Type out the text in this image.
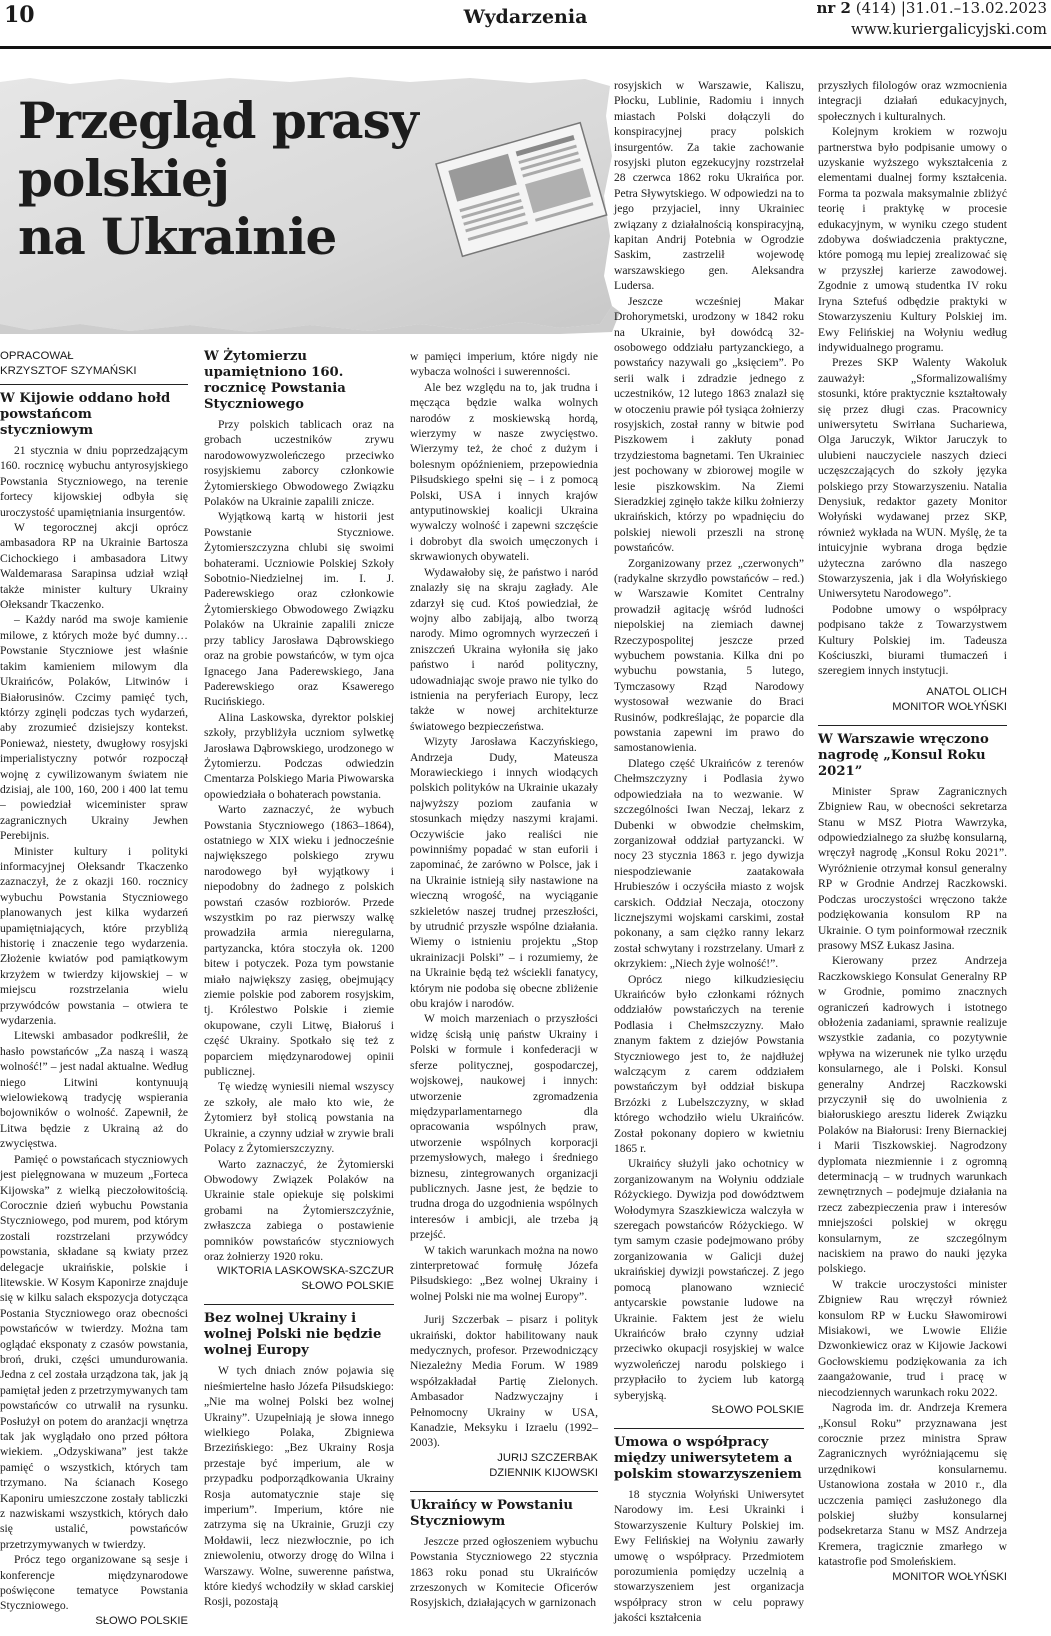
10	Wydarzenia	nr 2 (414) |31.01.–13.02.2023
www.kuriergalicyjski.com
Przegląd prasy
polskiej
na Ukrainie
OPRACOWAŁ
KRZYSZTOF SZYMAŃSKI
W Kijowie oddano hołd powstańcom styczniowym

21 stycznia w dniu poprzedzającym 160. rocznicę wybuchu antyrosyjskiego Powstania Styczniowego, na terenie fortecy kijowskiej odbyła się uroczystość upamiętniania insurgentów.

W tegorocznej akcji oprócz ambasadora RP na Ukrainie Bartosza Cichockiego i ambasadora Litwy Waldemarasa Sarapinsa udział wziął także minister kultury Ukrainy Ołeksandr Tkaczenko.

– Każdy naród ma swoje kamienie milowe, z których może być dumny… Powstanie Styczniowe jest właśnie takim kamieniem milowym dla Ukraińców, Polaków, Litwinów i Białorusinów. Czcimy pamięć tych, którzy zginęli podczas tych wydarzeń, aby zrozumieć dzisiejszy kontekst. Ponieważ, niestety, dwugłowy rosyjski imperialistyczny potwór rozpoczął wojnę z cywilizowanym światem nie dzisiaj, ale 100, 160, 200 i 400 lat temu – powiedział wiceminister spraw zagranicznych Ukrainy Jewhen Perebijnis.

Minister kultury i polityki informacyjnej Ołeksandr Tkaczenko zaznaczył, że z okazji 160. rocznicy wybuchu Powstania Styczniowego planowanych jest kilka wydarzeń upamiętniających, które przybliżą historię i znaczenie tego wydarzenia. Złożenie kwiatów pod pamiątkowym krzyżem w twierdzy kijowskiej – w miejscu rozstrzelania wielu przywódców powstania – otwiera te wydarzenia.

Litewski ambasador podkreślił, że hasło powstańców „Za naszą i waszą wolność!” – jest nadal aktualne. Według niego Litwini kontynuują wielowiekową tradycję wspierania bojowników o wolność. Zapewnił, że Litwa będzie z Ukrainą aż do zwycięstwa.

Pamięć o powstańcach styczniowych jest pielęgnowana w muzeum „Forteca Kijowska” z wielką pieczołowitością. Corocznie dzień wybuchu Powstania Styczniowego, pod murem, pod którym zostali rozstrzelani przywódcy powstania, składane są kwiaty przez delegacje ukraińskie, polskie i litewskie. W Kosym Kaponirze znajduje się w kilku salach ekspozycja dotycząca Postania Styczniowego oraz obecności powstańców w twierdzy. Można tam oglądać eksponaty z czasów powstania, broń, druki, części umundurowania. Jedna z cel została urządzona tak, jak ją pamiętał jeden z przetrzymywanych tam powstańców co utrwalił na rysunku. Posłużył on potem do aranżacji wnętrza tak jak wyglądało ono przed półtora wiekiem. „Odzyskiwana” jest także pamięć o wszystkich, których tam trzymano. Na ścianach Kosego Kaponiru umieszczone zostały tabliczki z nazwiskami wszystkich, których dało się ustalić, powstańców przetrzymywanych w twierdzy.

Prócz tego organizowane są sesje i konferencje międzynarodowe poświęcone tematyce Powstania Styczniowego.

SŁOWO POLSKIE
W Żytomierzu upamiętniono 160. rocznicę Powstania Styczniowego

Przy polskich tablicach oraz na grobach uczestników zrywu narodowowyzwoleńczego przeciwko rosyjskiemu zaborcy członkowie Żytomierskiego Obwodowego Związku Polaków na Ukrainie zapalili znicze.

Wyjątkową kartą w historii jest Powstanie Styczniowe. Żytomierszczyzna chlubi się swoimi bohaterami. Uczniowie Polskiej Szkoły Sobotnio-Niedzielnej im. I. J. Paderewskiego oraz członkowie Żytomierskiego Obwodowego Związku Polaków na Ukrainie zapalili znicze przy tablicy Jarosława Dąbrowskiego oraz na grobie powstańców, w tym ojca Ignacego Jana Paderewskiego, Jana Paderewskiego oraz Ksawerego Rucińskiego.

Alina Laskowska, dyrektor polskiej szkoły, przybliżyła uczniom sylwetkę Jarosława Dąbrowskiego, urodzonego w Żytomierzu. Podczas odwiedzin Cmentarza Polskiego Maria Piwowarska opowiedziała o bohaterach powstania.

Warto zaznaczyć, że wybuch Powstania Styczniowego (1863–1864), ostatniego w XIX wieku i jednocześnie największego polskiego zrywu narodowego był wyjątkowy i niepodobny do żadnego z polskich powstań czasów rozbiorów. Przede wszystkim po raz pierwszy walkę prowadziła armia nieregularna, partyzancka, która stoczyła ok. 1200 bitew i potyczek. Poza tym powstanie miało największy zasięg, obejmujący ziemie polskie pod zaborem rosyjskim, tj. Królestwo Polskie i ziemie okupowane, czyli Litwę, Białoruś i część Ukrainy. Spotkało się też z poparciem międzynarodowej opinii publicznej.

Tę wiedzę wyniesili niemal wszyscy ze szkoły, ale mało kto wie, że Żytomierz był stolicą powstania na Ukrainie, a czynny udział w zrywie brali Polacy z Żytomierszczyzny.

Warto zaznaczyć, że Żytomierski Obwodowy Związek Polaków na Ukrainie stale opiekuje się polskimi grobami na Żytomierszczyźnie, zwłaszcza zabiega o postawienie pomników powstańców styczniowych oraz żołnierzy 1920 roku.

WIKTORIA LASKOWSKA-SZCZUR
SŁOWO POLSKIE
Bez wolnej Ukrainy i wolnej Polski nie będzie wolnej Europy

W tych dniach znów pojawia się nieśmiertelne hasło Józefa Piłsudskiego: „Nie ma wolnej Polski bez wolnej Ukrainy”. Uzupełniają je słowa innego wielkiego Polaka, Zbigniewa Brzezińskiego: „Bez Ukrainy Rosja przestaje być imperium, ale w przypadku podporządkowania Ukrainy Rosja automatycznie staje się imperium”. Imperium, które nie zatrzyma się na Ukrainie, Gruzji czy Mołdawii, lecz niezwłocznie, po ich zniewoleniu, otworzy drogę do Wilna i Warszawy. Wolne, suwerenne państwa, które kiedyś wchodziły w skład carskiej Rosji, pozostają

w pamięci imperium, które nigdy nie wybacza wolności i suwerenności.

Ale bez względu na to, jak trudna i męcząca będzie walka wolnych narodów z moskiewską hordą, wierzymy w nasze zwycięstwo. Wierzymy też, że choć z dużym i bolesnym opóźnieniem, przepowiednia Piłsudskiego spełni się – i z pomocą Polski, USA i innych krajów antyputinowskiej koalicji Ukraina wywalczy wolność i zapewni szczęście i dobrobyt dla swoich umęczonych i skrwawionych obywateli.

Wydawałoby się, że państwo i naród znalazły się na skraju zagłady. Ale zdarzył się cud. Ktoś powiedział, że wojny albo zabijają, albo tworzą narody. Mimo ogromnych wyrzeczeń i zniszczeń Ukraina wyłoniła się jako państwo i naród polityczny, udowadniając swoje prawo nie tylko do istnienia na peryferiach Europy, lecz także w nowej architekturze światowego bezpieczeństwa.

Wizyty Jarosława Kaczyńskiego, Andrzeja Dudy, Mateusza Morawieckiego i innych wiodących polskich polityków na Ukrainie ukazały najwyższy poziom zaufania w stosunkach między naszymi krajami. Oczywiście jako realiści nie powinniśmy popadać w stan euforii i zapominać, że zarówno w Polsce, jak i na Ukrainie istnieją siły nastawione na wieczną wrogość, na wyciąganie szkieletów naszej trudnej przeszłości, by utrudnić przyszłe wspólne działania. Wiemy o istnieniu projektu „Stop ukrainizacji Polski” – i rozumiemy, że na Ukrainie będą też wściekli fanatycy, którym nie podoba się obecne zbliżenie obu krajów i narodów.

W moich marzeniach o przyszłości widzę ścisłą unię państw Ukrainy i Polski w formule i konfederacji w sferze politycznej, gospodarczej, wojskowej, naukowej i innych: utworzenie zgromadzenia międzyparlamentarnego dla opracowania wspólnych praw, utworzenie wspólnych korporacji przemysłowych, małego i średniego biznesu, zintegrowanych organizacji publicznych. Jasne jest, że będzie to trudna droga do uzgodnienia wspólnych interesów i ambicji, ale trzeba ją przejść.

W takich warunkach można na nowo zinterpretować formułę Józefa Piłsudskiego: „Bez wolnej Ukrainy i wolnej Polski nie ma wolnej Europy”.

Jurij Szczerbak – pisarz i polityk ukraiński, doktor habilitowany nauk medycznych, profesor. Przewodniczący Niezależny Media Forum. W 1989 współzakładał Partię Zielonych. Ambasador Nadzwyczajny i Pełnomocny Ukrainy w USA, Kanadzie, Meksyku i Izraelu (1992–2003).

JURIJ SZCZERBAK
DZIENNIK KIJOWSKI
Ukraińcy w Powstaniu Styczniowym

Jeszcze przed ogłoszeniem wybuchu Powstania Styczniowego 22 stycznia 1863 roku ponad stu Ukraińców zrzeszonych w Komitecie Oficerów Rosyjskich, działających w garnizonach

rosyjskich w Warszawie, Kaliszu, Płocku, Lublinie, Radomiu i innych miastach Polski dołączyli do konspiracyjnej pracy polskich insurgentów. Za takie zachowanie rosyjski pluton egzekucyjny rozstrzelał 28 czerwca 1862 roku Ukraińca por. Petra Sływytskiego. W odpowiedzi na to jego przyjaciel, inny Ukrainiec związany z działalnością konspiracyjną, kapitan Andrij Potebnia w Ogrodzie Saskim, zastrzelił wojewodę warszawskiego gen. Aleksandra Ludersa.

Jeszcze wcześniej Makar Drohorymetski, urodzony w 1842 roku na Ukrainie, był dowódcą 32-osobowego oddziału partyzanckiego, a powstańcy nazywali go „księciem”. Po serii walk i zdradzie jednego z uczestników, 12 lutego 1863 znalazł się w otoczeniu prawie pół tysiąca żołnierzy rosyjskich, został ranny w bitwie pod Piszkowem i zakłuty ponad trzydziestoma bagnetami. Ten Ukrainiec jest pochowany w zbiorowej mogile w lesie piszkowskim. Na Ziemi Sieradzkiej zginęło także kilku żołnierzy ukraińskich, którzy po wpadnięciu do polskiej niewoli przeszli na stronę powstańców.

Zorganizowany przez „czerwonych” (radykalne skrzydło powstańców – red.) w Warszawie Komitet Centralny prowadził agitację wśród ludności niepolskiej na ziemiach dawnej Rzeczypospolitej jeszcze przed wybuchem powstania. Kilka dni po wybuchu powstania, 5 lutego, Tymczasowy Rząd Narodowy wystosował wezwanie do Braci Rusinów, podkreślając, że poparcie dla powstania zapewni im prawo do samostanowienia.

Dlatego część Ukraińców z terenów Chełmszczyzny i Podlasia żywo odpowiedziała na to wezwanie. W szczególności Iwan Neczaj, lekarz z Dubenki w obwodzie chełmskim, zorganizował oddział partyzancki. W nocy 23 stycznia 1863 r. jego dywizja niespodziewanie zaatakowała Hrubieszów i oczyściła miasto z wojsk carskich. Oddział Neczaja, otoczony licznejszymi wojskami carskimi, został pokonany, a sam ciężko ranny lekarz został schwytany i rozstrzelany. Umarł z okrzykiem: „Niech żyje wolność!”.

Oprócz niego kilkudziesięciu Ukraińców było członkami różnych oddziałów powstańczych na terenie Podlasia i Chełmszczyzny. Mało znanym faktem z dziejów Powstania Styczniowego jest to, że najdłużej walczącym z carem oddziałem powstańczym był oddział biskupa Brzózki z Lubelszczyzny, w skład którego wchodziło wielu Ukraińców. Został pokonany dopiero w kwietniu 1865 r.

Ukraińcy służyli jako ochotnicy w zorganizowanym na Wołyniu oddziale Różyckiego. Dywizja pod dowództwem Wołodymyra Szaszkiewicza walczyła w szeregach powstańców Różyckiego. W tym samym czasie podejmowano próby zorganizowania w Galicji dużej ukraińskiej dywizji powstańczej. Z jego pomocą planowano wzniecić antycarskie powstanie ludowe na Ukrainie. Faktem jest że wielu Ukraińców brało czynny udział przeciwko okupacji rosyjskiej w walce wyzwoleńczej narodu polskiego i przypłaciło to życiem lub katorgą syberyjską.

SŁOWO POLSKIE
Umowa o współpracy między uniwersytetem a polskim stowarzyszeniem

18 stycznia Wołyński Uniwersytet Narodowy im. Łesi Ukrainki i Stowarzyszenie Kultury Polskiej im. Ewy Felińskiej na Wołyniu zawarły umowę o współpracy. Przedmiotem porozumienia pomiędzy uczelnią a stowarzyszeniem jest organizacja współpracy stron w celu poprawy jakości kształcenia

przyszłych filologów oraz wzmocnienia integracji działań edukacyjnych, społecznych i kulturalnych.

Kolejnym krokiem w rozwoju partnerstwa było podpisanie umowy o uzyskanie wyższego wykształcenia z elementami dualnej formy kształcenia. Forma ta pozwala maksymalnie zbliżyć teorię i praktykę w procesie edukacyjnym, w wyniku czego student zdobywa doświadczenia praktyczne, które pomogą mu lepiej zrealizować się w przyszłej karierze zawodowej. Zgodnie z umową studentka IV roku Iryna Sztefuś odbędzie praktyki w Stowarzyszeniu Kultury Polskiej im. Ewy Felińskiej na Wołyniu według indywidualnego programu.

Prezes SKP Walenty Wakoluk zauważył: „Sformalizowaliśmy stosunki, które praktycznie kształtowały się przez długi czas. Pracownicy uniwersytetu Swiтłana Suchariewa, Olga Jaruczyk, Wiktor Jaruczyk to ulubieni nauczyciele naszych dzieci uczęszczających do szkoły języka polskiego przy Stowarzyszeniu. Natalia Denysiuk, redaktor gazety Monitor Wołyński wydawanej przez SKP, również wykłada na WUN. Myślę, że ta intuicyjnie wybrana droga będzie użyteczna zarówno dla naszego Stowarzyszenia, jak i dla Wołyńskiego Uniwersytetu Narodowego”.

Podobne umowy o współpracy podpisano także z Towarzystwem Kultury Polskiej im. Tadeusza Kościuszki, biurami tłumaczeń i szeregiem innych instytucji.

ANATOL OLICH
MONITOR WOŁYŃSKI
W Warszawie wręczono nagrodę „Konsul Roku 2021”

Minister Spraw Zagranicznych Zbigniew Rau, w obecności sekretarza Stanu w MSZ Piotra Wawrzyka, odpowiedzialnego za służbę konsularną, wręczył nagrodę „Konsul Roku 2021”. Wyróżnienie otrzymał konsul generalny RP w Grodnie Andrzej Raczkowski. Podczas uroczystości wręczono także podziękowania konsulom RP na Ukrainie. O tym poinformował rzecznik prasowy MSZ Łukasz Jasina.

Kierowany przez Andrzeja Raczkowskiego Konsulat Generalny RP w Grodnie, pomimo znacznych ograniczeń kadrowych i istotnego obłożenia zadaniami, sprawnie realizuje wszystkie zadania, co pozytywnie wpływa na wizerunek nie tylko urzędu konsularnego, ale i Polski. Konsul generalny Andrzej Raczkowski przyczynił się do uwolnienia z białoruskiego aresztu liderek Związku Polaków na Białorusi: Ireny Biernackiej i Marii Tiszkowskiej. Nagrodzony dyplomata niezmiennie i z ogromną determinacją – w trudnych warunkach zewnętrznych – podejmuje działania na rzecz zabezpieczenia praw i interesów mniejszości polskiej w okręgu konsularnym, ze szczególnym naciskiem na prawo do nauki języka polskiego.

W trakcie uroczystości minister Zbigniew Rau wręczył również konsulom RP w Łucku Sławomirowi Misiakowi, we Lwowie Eliźie Dzwonkiewicz oraz w Kijowie Jackowi Gocłowskiemu podziękowania za ich zaangażowanie, trud i pracę w niecodziennych warunkach roku 2022.

Nagroda im. dr. Andrzeja Kremera „Konsul Roku” przyznawana jest corocznie przez ministra Spraw Zagranicznych wyróżniającemu się urzędnikowi konsularnemu. Ustanowiona została w 2010 r., dla uczczenia pamięci zasłużonego dla polskiej służby konsularnej podsekretarza Stanu w MSZ Andrzeja Kremera, tragicznie zmarłego w katastrofie pod Smoleńskiem.

MONITOR WOŁYŃSKI
